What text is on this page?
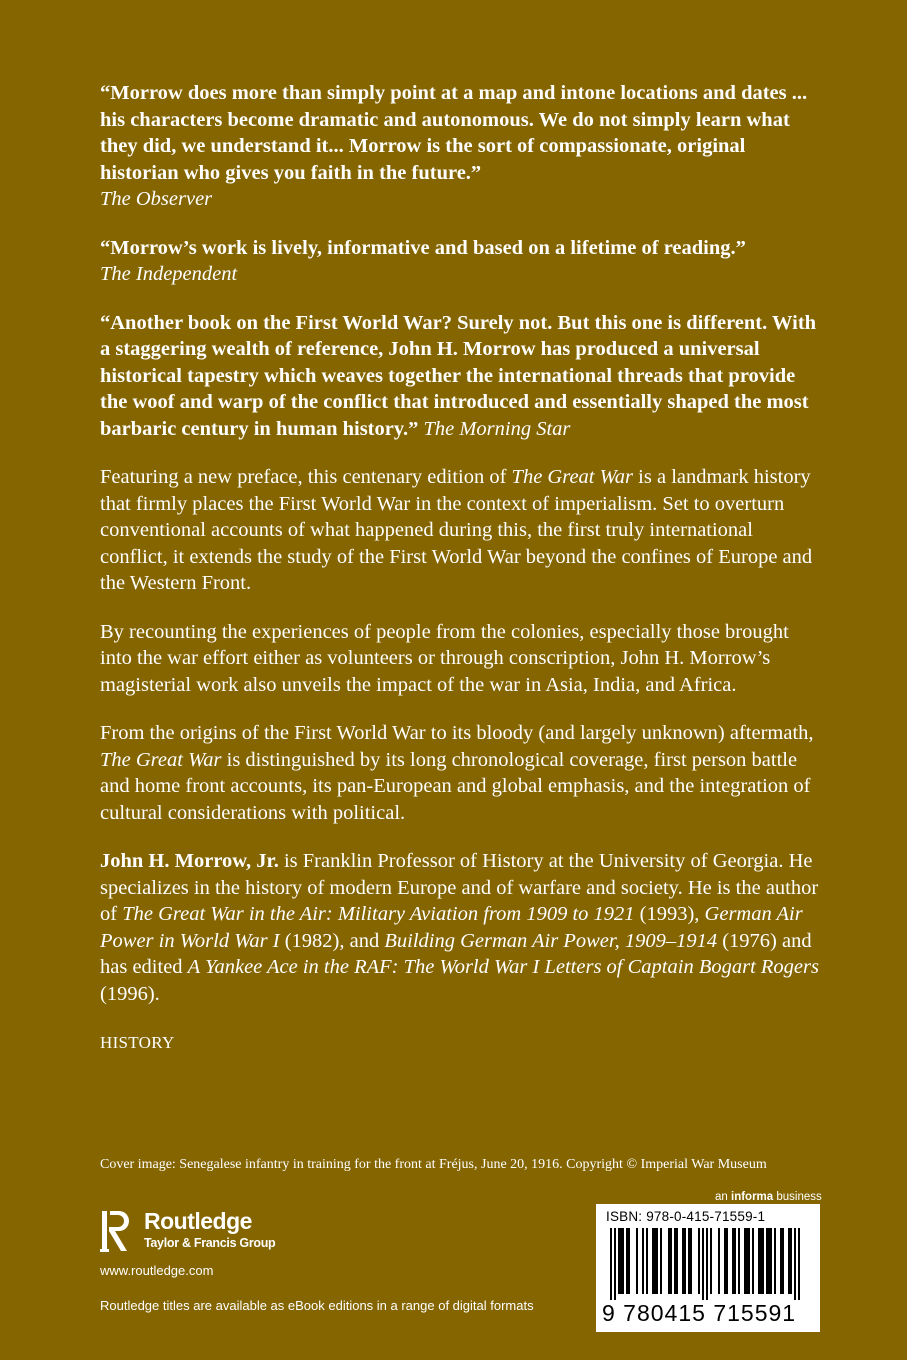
“Morrow does more than simply point at a map and intone locations and dates ... his characters become dramatic and autonomous. We do not simply learn what they did, we understand it... Morrow is the sort of compassionate, original historian who gives you faith in the future.”
The Observer

“Morrow’s work is lively, informative and based on a lifetime of reading.”
The Independent

“Another book on the First World War? Surely not. But this one is different. With a staggering wealth of reference, John H. Morrow has produced a universal historical tapestry which weaves together the international threads that provide the woof and warp of the conflict that introduced and essentially shaped the most barbaric century in human history.” The Morning Star

Featuring a new preface, this centenary edition of The Great War is a landmark history that firmly places the First World War in the context of imperialism. Set to overturn conventional accounts of what happened during this, the first truly international conflict, it extends the study of the First World War beyond the confines of Europe and the Western Front.

By recounting the experiences of people from the colonies, especially those brought into the war effort either as volunteers or through conscription, John H. Morrow’s magisterial work also unveils the impact of the war in Asia, India, and Africa.

From the origins of the First World War to its bloody (and largely unknown) aftermath, The Great War is distinguished by its long chronological coverage, first person battle and home front accounts, its pan-European and global emphasis, and the integration of cultural considerations with political.

John H. Morrow, Jr. is Franklin Professor of History at the University of Georgia. He specializes in the history of modern Europe and of warfare and society. He is the author of The Great War in the Air: Military Aviation from 1909 to 1921 (1993), German Air Power in World War I (1982), and Building German Air Power, 1909–1914 (1976) and has edited A Yankee Ace in the RAF: The World War I Letters of Captain Bogart Rogers (1996).

HISTORY
Cover image: Senegalese infantry in training for the front at Fréjus, June 20, 1916. Copyright © Imperial War Museum
an informa business
Routledge
Taylor & Francis Group
www.routledge.com
Routledge titles are available as eBook editions in a range of digital formats
ISBN: 978-0-415-71559-1
9 780415 715591
